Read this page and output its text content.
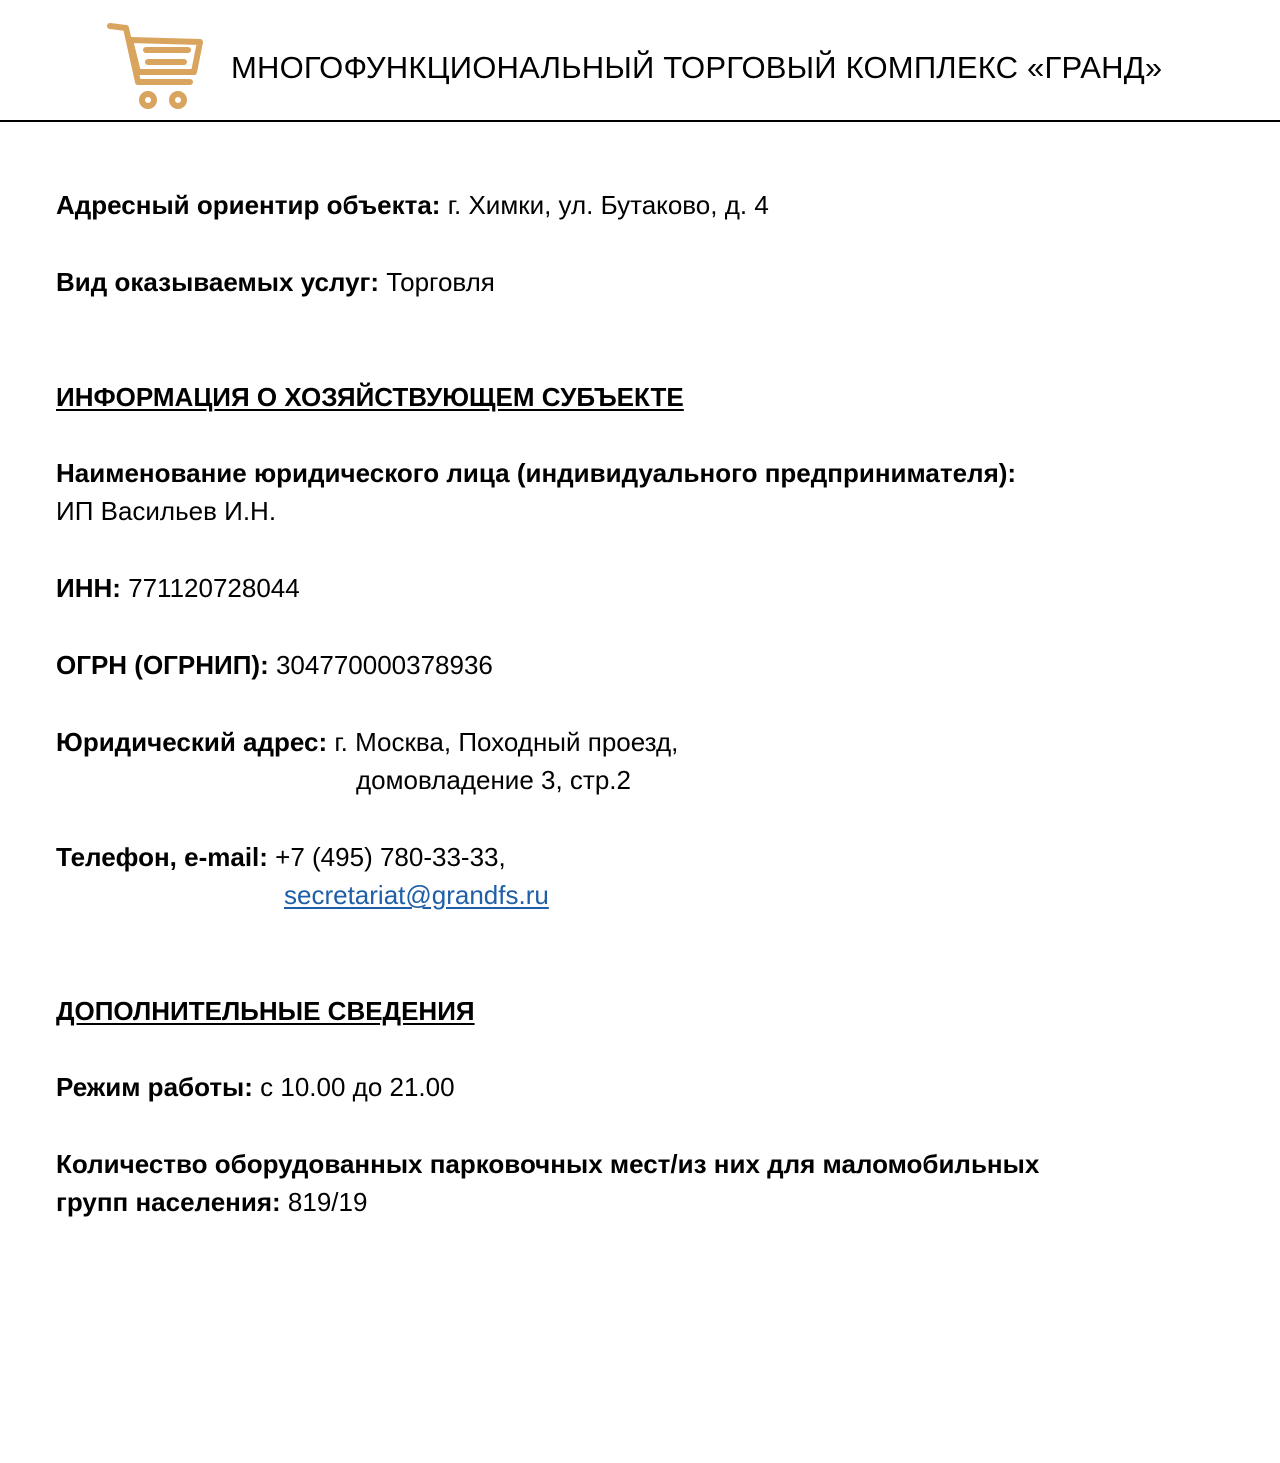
МНОГОФУНКЦИОНАЛЬНЫЙ ТОРГОВЫЙ КОМПЛЕКС «ГРАНД»
Адресный ориентир объекта: г. Химки, ул. Бутаково, д. 4
Вид оказываемых услуг: Торговля
ИНФОРМАЦИЯ О ХОЗЯЙСТВУЮЩЕМ СУБЪЕКТЕ
Наименование юридического лица (индивидуального предпринимателя):
ИП Васильев И.Н.
ИНН: 771120728044
ОГРН (ОГРНИП): 304770000378936
Юридический адрес: г. Москва, Походный проезд,
домовладение 3, стр.2
Телефон, e-mail: +7 (495) 780-33-33,
secretariat@grandfs.ru
ДОПОЛНИТЕЛЬНЫЕ СВЕДЕНИЯ
Режим работы: с 10.00 до 21.00
Количество оборудованных парковочных мест/из них для маломобильных
групп населения: 819/19
